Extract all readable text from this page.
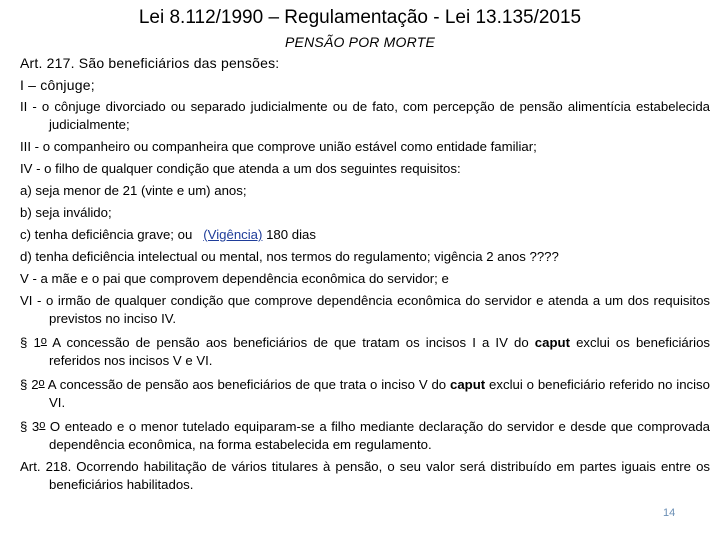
Lei 8.112/1990 – Regulamentação - Lei 13.135/2015
PENSÃO POR MORTE

Art. 217. São beneficiários das pensões:

I – cônjuge;

II - o cônjuge divorciado ou separado judicialmente ou de fato, com percepção de pensão alimentícia estabelecida judicialmente;

III - o companheiro ou companheira que comprove união estável como entidade familiar;

IV - o filho de qualquer condição que atenda a um dos seguintes requisitos:

a) seja menor de 21 (vinte e um) anos;

b) seja inválido;

c) tenha deficiência grave; ou   (Vigência) 180 dias

d) tenha deficiência intelectual ou mental, nos termos do regulamento; vigência 2 anos ????

V - a mãe e o pai que comprovem dependência econômica do servidor; e

VI - o irmão de qualquer condição que comprove dependência econômica do servidor e atenda a um dos requisitos previstos no inciso IV.

§ 1$^o$ A concessão de pensão aos beneficiários de que tratam os incisos I a IV do caput exclui os beneficiários referidos nos incisos V e VI.

§ 2$^o$ A concessão de pensão aos beneficiários de que trata o inciso V do caput exclui o beneficiário referido no inciso VI.

§ 3$^o$ O enteado e o menor tutelado equiparam-se a filho mediante declaração do servidor e desde que comprovada dependência econômica, na forma estabelecida em regulamento.

Art. 218. Ocorrendo habilitação de vários titulares à pensão, o seu valor será distribuído em partes iguais entre os beneficiários habilitados.

14
